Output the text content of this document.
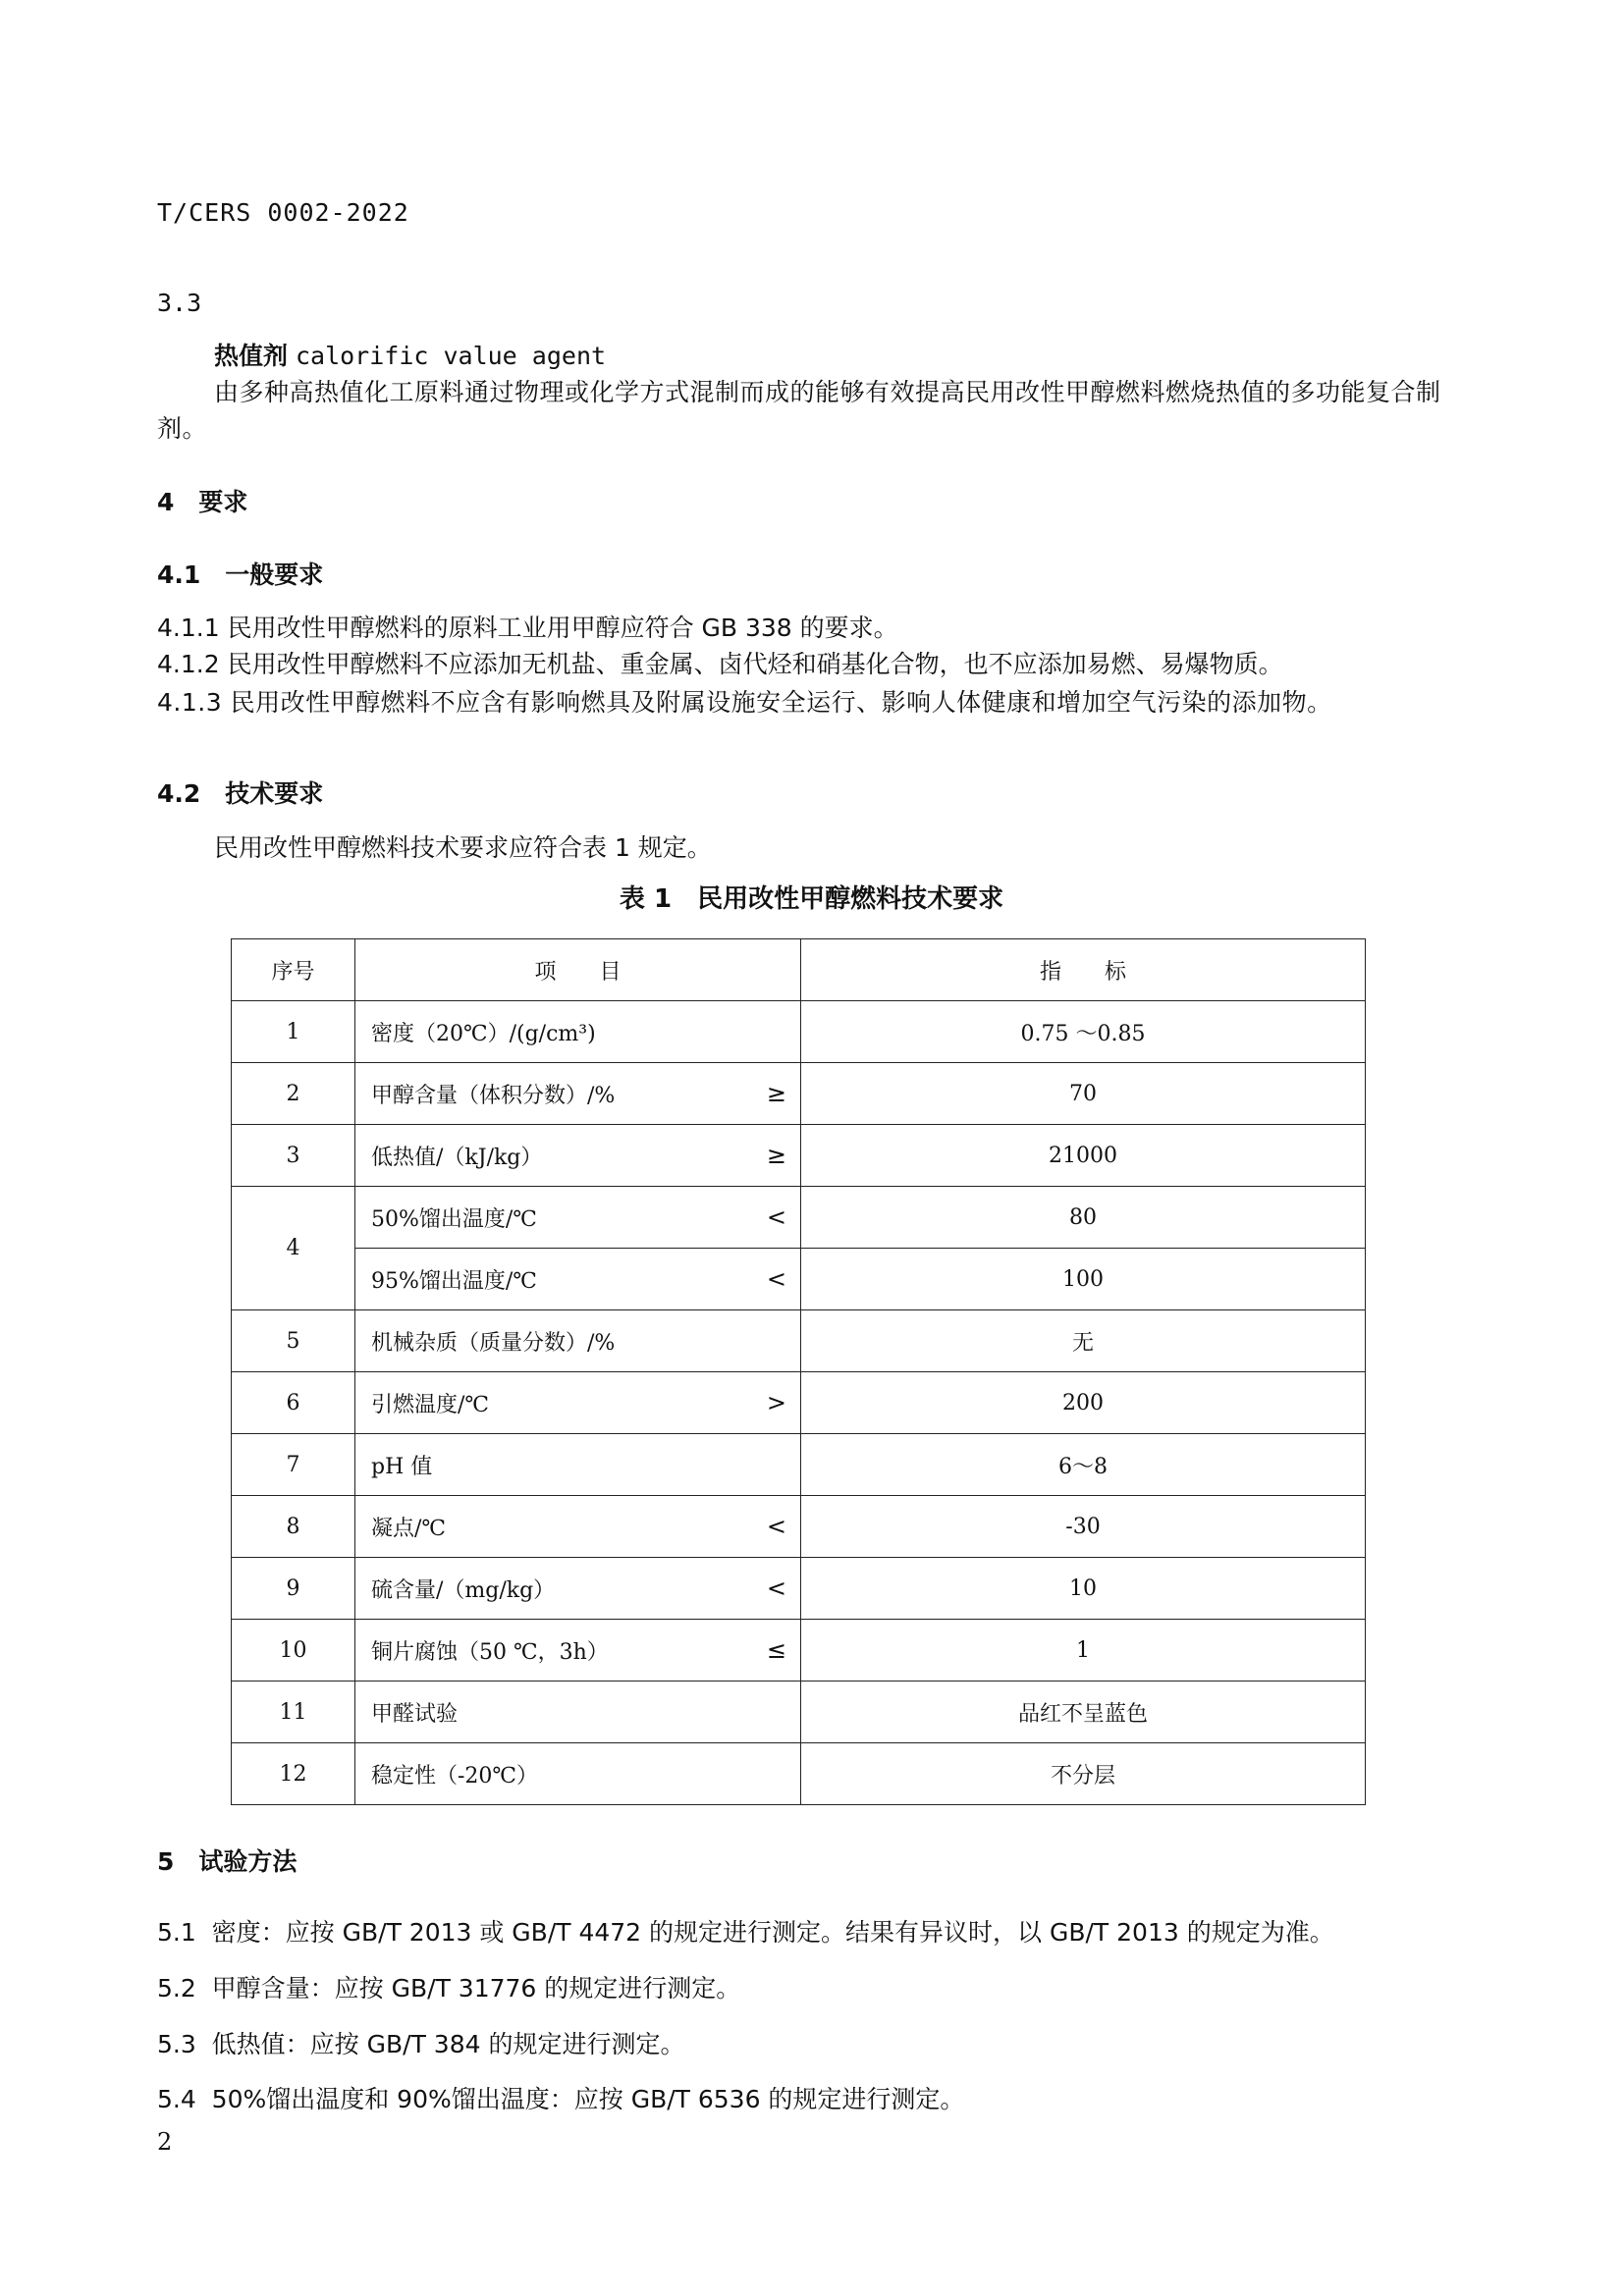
T/CERS 0002-2022
3.3
热值剂 calorific value agent
由多种高热值化工原料通过物理或化学方式混制而成的能够有效提高民用改性甲醇燃料燃烧热值的多功能复合制剂。
4　要求
4.1　一般要求
4.1.1 民用改性甲醇燃料的原料工业用甲醇应符合 GB 338 的要求。
4.1.2 民用改性甲醇燃料不应添加无机盐、重金属、卤代烃和硝基化合物，也不应添加易燃、易爆物质。
4.1.3 民用改性甲醇燃料不应含有影响燃具及附属设施安全运行、影响人体健康和增加空气污染的添加物。
4.2　技术要求
民用改性甲醇燃料技术要求应符合表 1 规定。
表 1　民用改性甲醇燃料技术要求
序号	项　　目	指　　标
1	密度（20℃）/(g/cm³)	0.75 ～0.85
2	甲醇含量（体积分数）/% ≥	70
3	低热值/（kJ/kg） ≥	21000
4	50%馏出温度/℃ <	80
	95%馏出温度/℃ <	100
5	机械杂质（质量分数）/%	无
6	引燃温度/℃ >	200
7	pH 值	6～8
8	凝点/℃ <	-30
9	硫含量/（mg/kg） <	10
10	铜片腐蚀（50 ℃，3h） ≤	1
11	甲醛试验	品红不呈蓝色
12	稳定性（-20℃）	不分层
5　试验方法
5.1 密度：应按 GB/T 2013 或 GB/T 4472 的规定进行测定。结果有异议时，以 GB/T 2013 的规定为准。
5.2 甲醇含量：应按 GB/T 31776 的规定进行测定。
5.3 低热值：应按 GB/T 384 的规定进行测定。
5.4 50%馏出温度和 90%馏出温度：应按 GB/T 6536 的规定进行测定。
2
